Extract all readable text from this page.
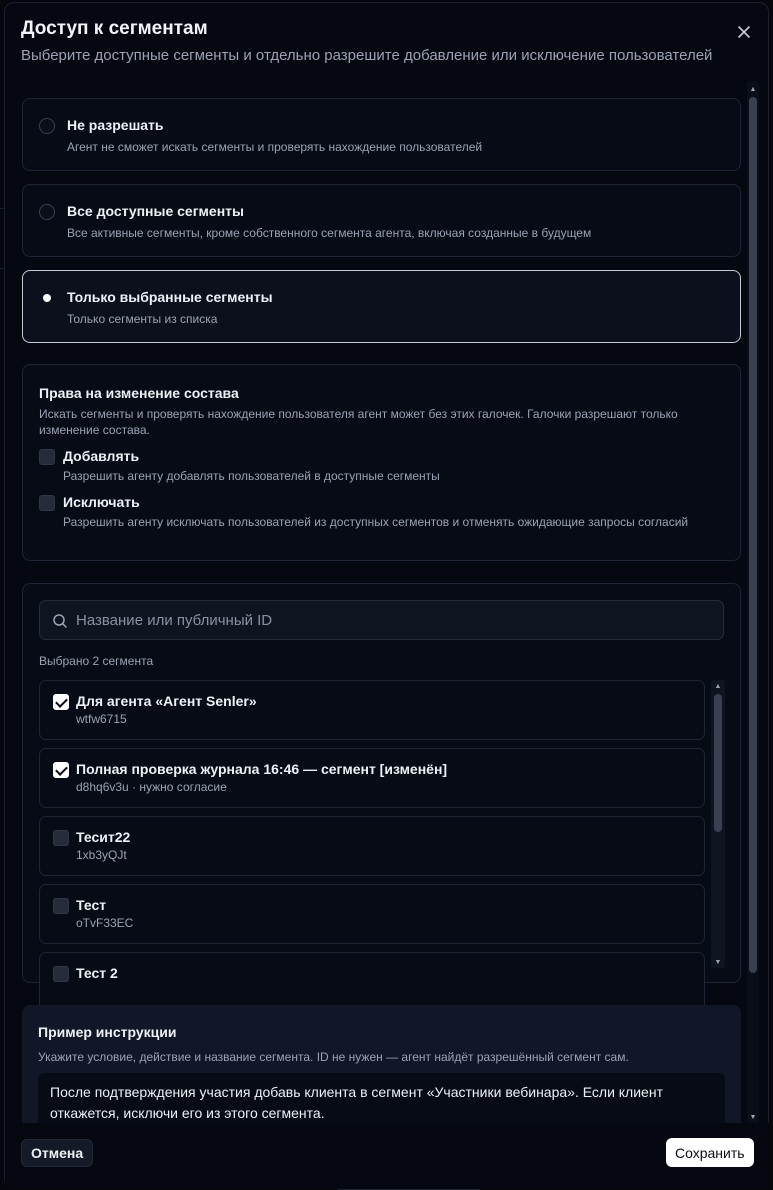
Доступ к сегментам
Выберите доступные сегменты и отдельно разрешите добавление или исключение пользователей
Не разрешать
Агент не сможет искать сегменты и проверять нахождение пользователей
Все доступные сегменты
Все активные сегменты, кроме собственного сегмента агента, включая созданные в будущем
Только выбранные сегменты
Только сегменты из списка
Права на изменение состава
Искать сегменты и проверять нахождение пользователя агент может без этих галочек. Галочки разрешают только изменение состава.
Добавлять
Разрешить агенту добавлять пользователей в доступные сегменты
Исключать
Разрешить агенту исключать пользователей из доступных сегментов и отменять ожидающие запросы согласий
Название или публичный ID
Выбрано 2 сегмента
Для агента «Агент Senler»
wtfw6715
Полная проверка журнала 16:46 — сегмент [изменён]
d8hq6v3u · нужно согласие
Тесит22
1xb3yQJt
Тест
oTvF33EC
Тест 2
▲
▼
Пример инструкции
Укажите условие, действие и название сегмента. ID не нужен — агент найдёт разрешённый сегмент сам.
После подтверждения участия добавь клиента в сегмент «Участники вебинара». Если клиент откажется, исключи его из этого сегмента.
▲
▼
Отмена	Сохранить
